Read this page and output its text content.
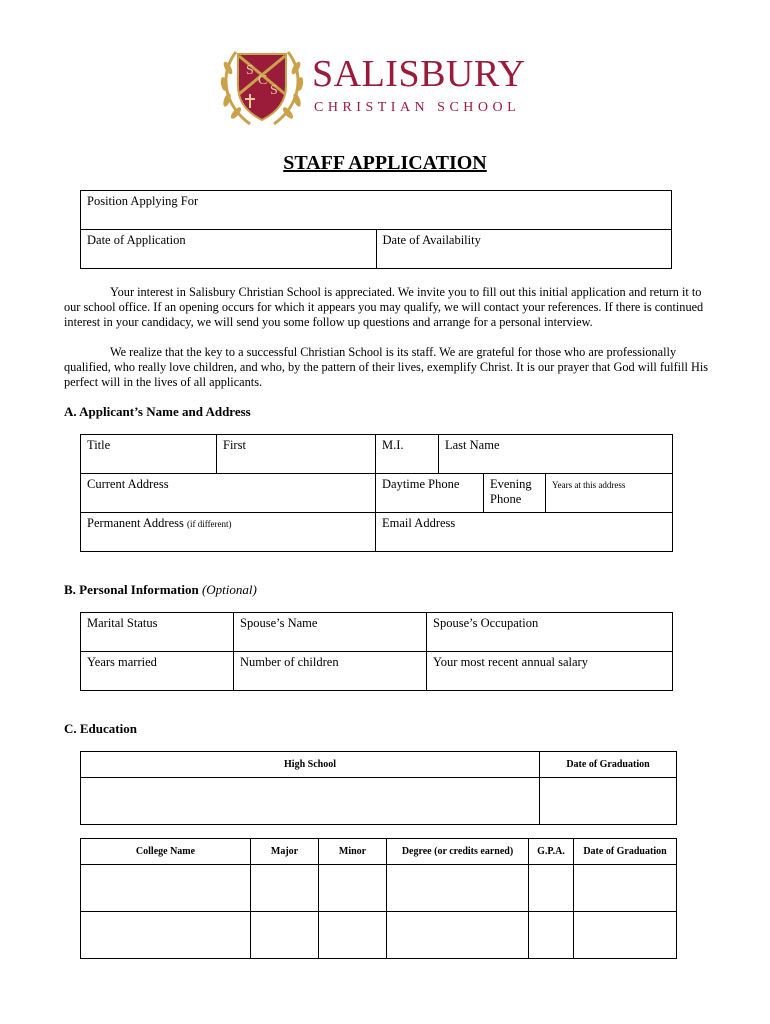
S
C
S SALISBURY
CHRISTIAN SCHOOL
STAFF APPLICATION
Position Applying For
Date of Application	Date of Availability

Your interest in Salisbury Christian School is appreciated. We invite you to fill out this initial application and return it to our school office. If an opening occurs for which it appears you may qualify, we will contact your references. If there is continued interest in your candidacy, we will send you some follow up questions and arrange for a personal interview.

We realize that the key to a successful Christian School is its staff. We are grateful for those who are professionally qualified, who really love children, and who, by the pattern of their lives, exemplify Christ. It is our prayer that God will fulfill His perfect will in the lives of all applicants.

A. Applicant’s Name and Address
Title	First	M.I.	Last Name		
Current Address		Daytime Phone		Evening Phone	Years at this address
Permanent Address (if different)		Email Address			
B. Personal Information (Optional)
Marital Status	Spouse’s Name	Spouse’s Occupation
Years married	Number of children	Your most recent annual salary
C. Education
High School	Date of Graduation

College Name	Major	Minor	Degree (or credits earned)	G.P.A.	Date of Graduation
